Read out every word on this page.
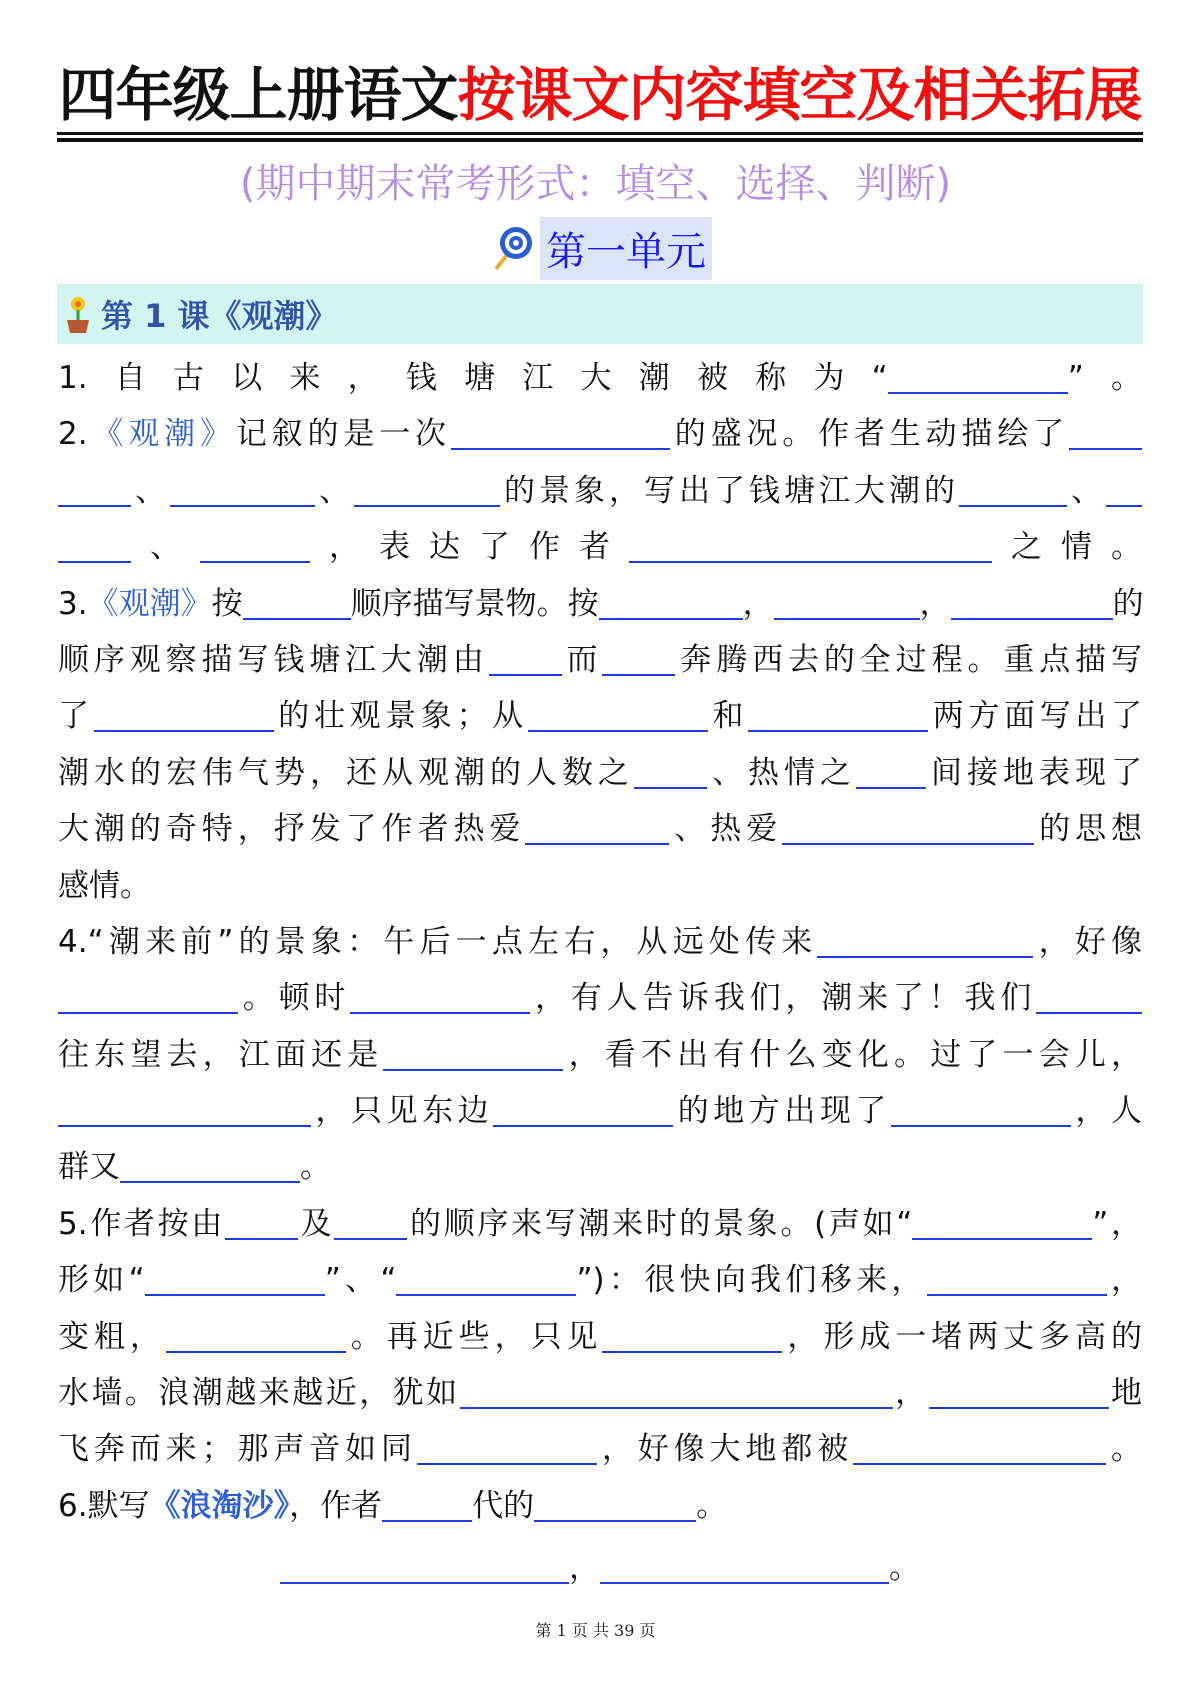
四年级上册语文按课文内容填空及相关拓展
(期中期末常考形式：填空、选择、判断)
第一单元
第 1 课《观潮》
1.自古以来，钱塘江大潮被称为“	”。
2.《观潮》记叙的是一次	的盛况。作者生动描绘了
、	、	的景象，写出了钱塘江大潮的	、
、	，表达了作者	之情。
3.《观潮》按	顺序描写景物。按	，	，	的
顺序观察描写钱塘江大潮由 而 奔腾西去的全过程。重点描写
了	的壮观景象；从	和	两方面写出了
潮水的宏伟气势，还从观潮的人数之 、热情之 间接地表现了
大潮的奇特，抒发了作者热爱	、热爱	的思想
感情。
4.“潮来前”的景象：午后一点左右，从远处传来	，好像
。顿时	，有人告诉我们，潮来了！我们
往东望去，江面还是	，看不出有什么变化。过了一会儿，
，只见东边	的地方出现了	，人
群又	。
5.作者按由 及 的顺序来写潮来时的景象。(声如“	”，
形如“	”、“	”)：很快向我们移来，	，
变粗，	。再近些，只见	，形成一堵两丈多高的
水墙。浪潮越来越近，犹如	，	地
飞奔而来；那声音如同	，好像大地都被	。
6.默写《浪淘沙》，作者	代的	。
，	。
第 1 页 共 39 页
